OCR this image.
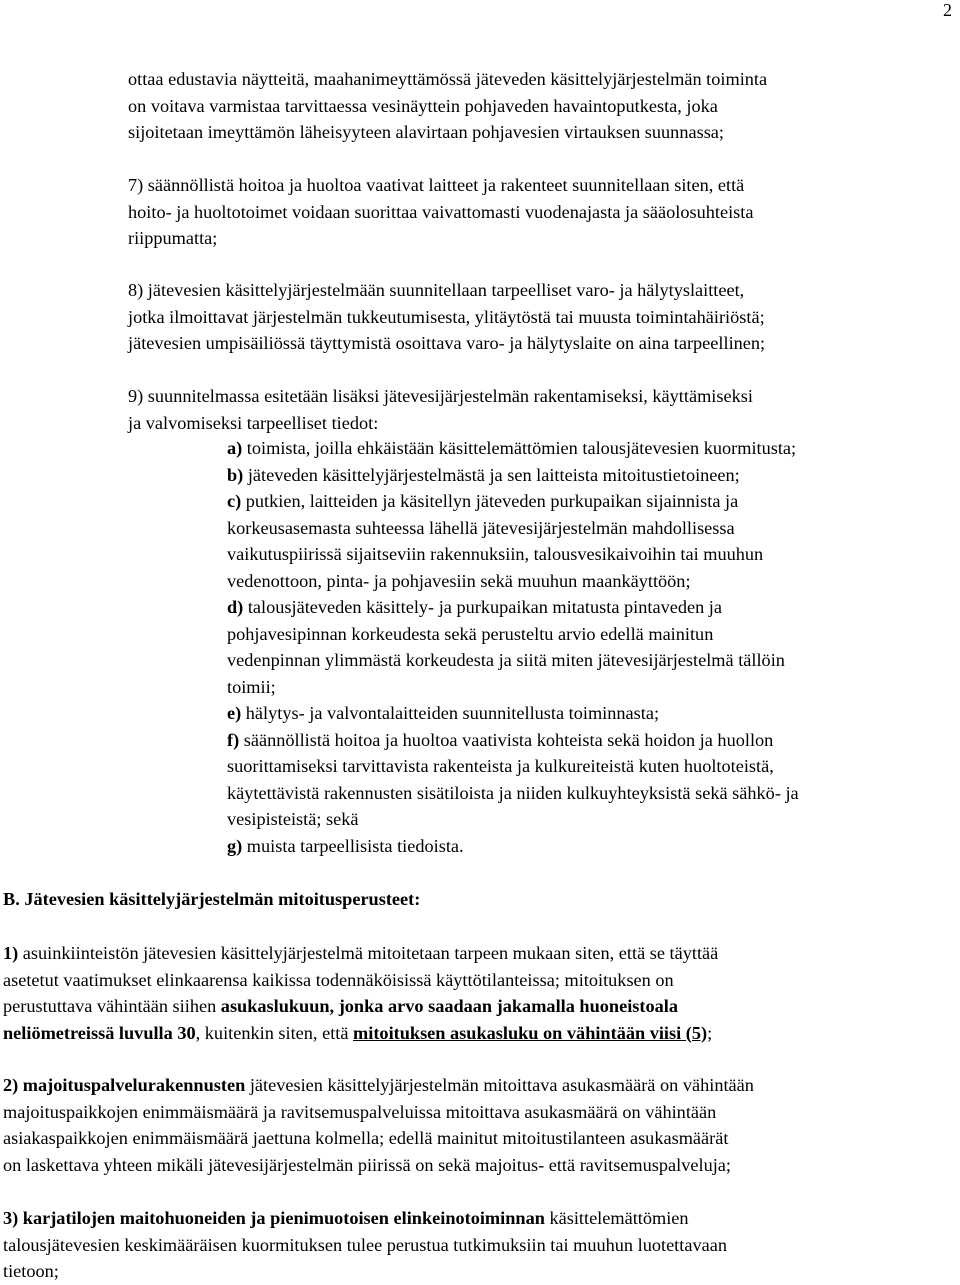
2
ottaa edustavia näytteitä, maahanimeyttämössä jäteveden käsittelyjärjestelmän toiminta
on voitava varmistaa tarvittaessa vesinäyttein pohjaveden havaintoputkesta, joka
sijoitetaan imeyttämön läheisyyteen alavirtaan pohjavesien virtauksen suunnassa;
7) säännöllistä hoitoa ja huoltoa vaativat laitteet ja rakenteet suunnitellaan siten, että
hoito- ja huoltotoimet voidaan suorittaa vaivattomasti vuodenajasta ja sääolosuhteista
riippumatta;
8) jätevesien käsittelyjärjestelmään suunnitellaan tarpeelliset varo- ja hälytyslaitteet,
jotka ilmoittavat järjestelmän tukkeutumisesta, ylitäytöstä tai muusta toimintahäiriöstä;
jätevesien umpisäiliössä täyttymistä osoittava varo- ja hälytyslaite on aina tarpeellinen;
9) suunnitelmassa esitetään lisäksi jätevesijärjestelmän rakentamiseksi, käyttämiseksi
ja valvomiseksi tarpeelliset tiedot:
a) toimista, joilla ehkäistään käsittelemättömien talousjätevesien kuormitusta;
b) jäteveden käsittelyjärjestelmästä ja sen laitteista mitoitustietoineen;
c) putkien, laitteiden ja käsitellyn jäteveden purkupaikan sijainnista ja
korkeusasemasta suhteessa lähellä jätevesijärjestelmän mahdollisessa
vaikutuspiirissä sijaitseviin rakennuksiin, talousvesikaivoihin tai muuhun
vedenottoon, pinta- ja pohjavesiin sekä muuhun maankäyttöön;
d) talousjäteveden käsittely- ja purkupaikan mitatusta pintaveden ja
pohjavesipinnan korkeudesta sekä perusteltu arvio edellä mainitun
vedenpinnan ylimmästä korkeudesta ja siitä miten jätevesijärjestelmä tällöin
toimii;
e) hälytys- ja valvontalaitteiden suunnitellusta toiminnasta;
f) säännöllistä hoitoa ja huoltoa vaativista kohteista sekä hoidon ja huollon
suorittamiseksi tarvittavista rakenteista ja kulkureiteistä kuten huoltoteistä,
käytettävistä rakennusten sisätiloista ja niiden kulkuyhteyksistä sekä sähkö- ja
vesipisteistä; sekä
g) muista tarpeellisista tiedoista.
B. Jätevesien käsittelyjärjestelmän mitoitusperusteet:
1) asuinkiinteistön jätevesien käsittelyjärjestelmä mitoitetaan tarpeen mukaan siten, että se täyttää
asetetut vaatimukset elinkaarensa kaikissa todennäköisissä käyttötilanteissa; mitoituksen on
perustuttava vähintään siihen asukaslukuun, jonka arvo saadaan jakamalla huoneistoala
neliömetreissä luvulla 30, kuitenkin siten, että mitoituksen asukasluku on vähintään viisi (5);
2) majoituspalvelurakennusten jätevesien käsittelyjärjestelmän mitoittava asukasmäärä on vähintään
majoituspaikkojen enimmäismäärä ja ravitsemuspalveluissa mitoittava asukasmäärä on vähintään
asiakaspaikkojen enimmäismäärä jaettuna kolmella; edellä mainitut mitoitustilanteen asukasmäärät
on laskettava yhteen mikäli jätevesijärjestelmän piirissä on sekä majoitus- että ravitsemuspalveluja;
3) karjatilojen maitohuoneiden ja pienimuotoisen elinkeinotoiminnan käsittelemättömien
talousjätevesien keskimääräisen kuormituksen tulee perustua tutkimuksiin tai muuhun luotettavaan
tietoon;
